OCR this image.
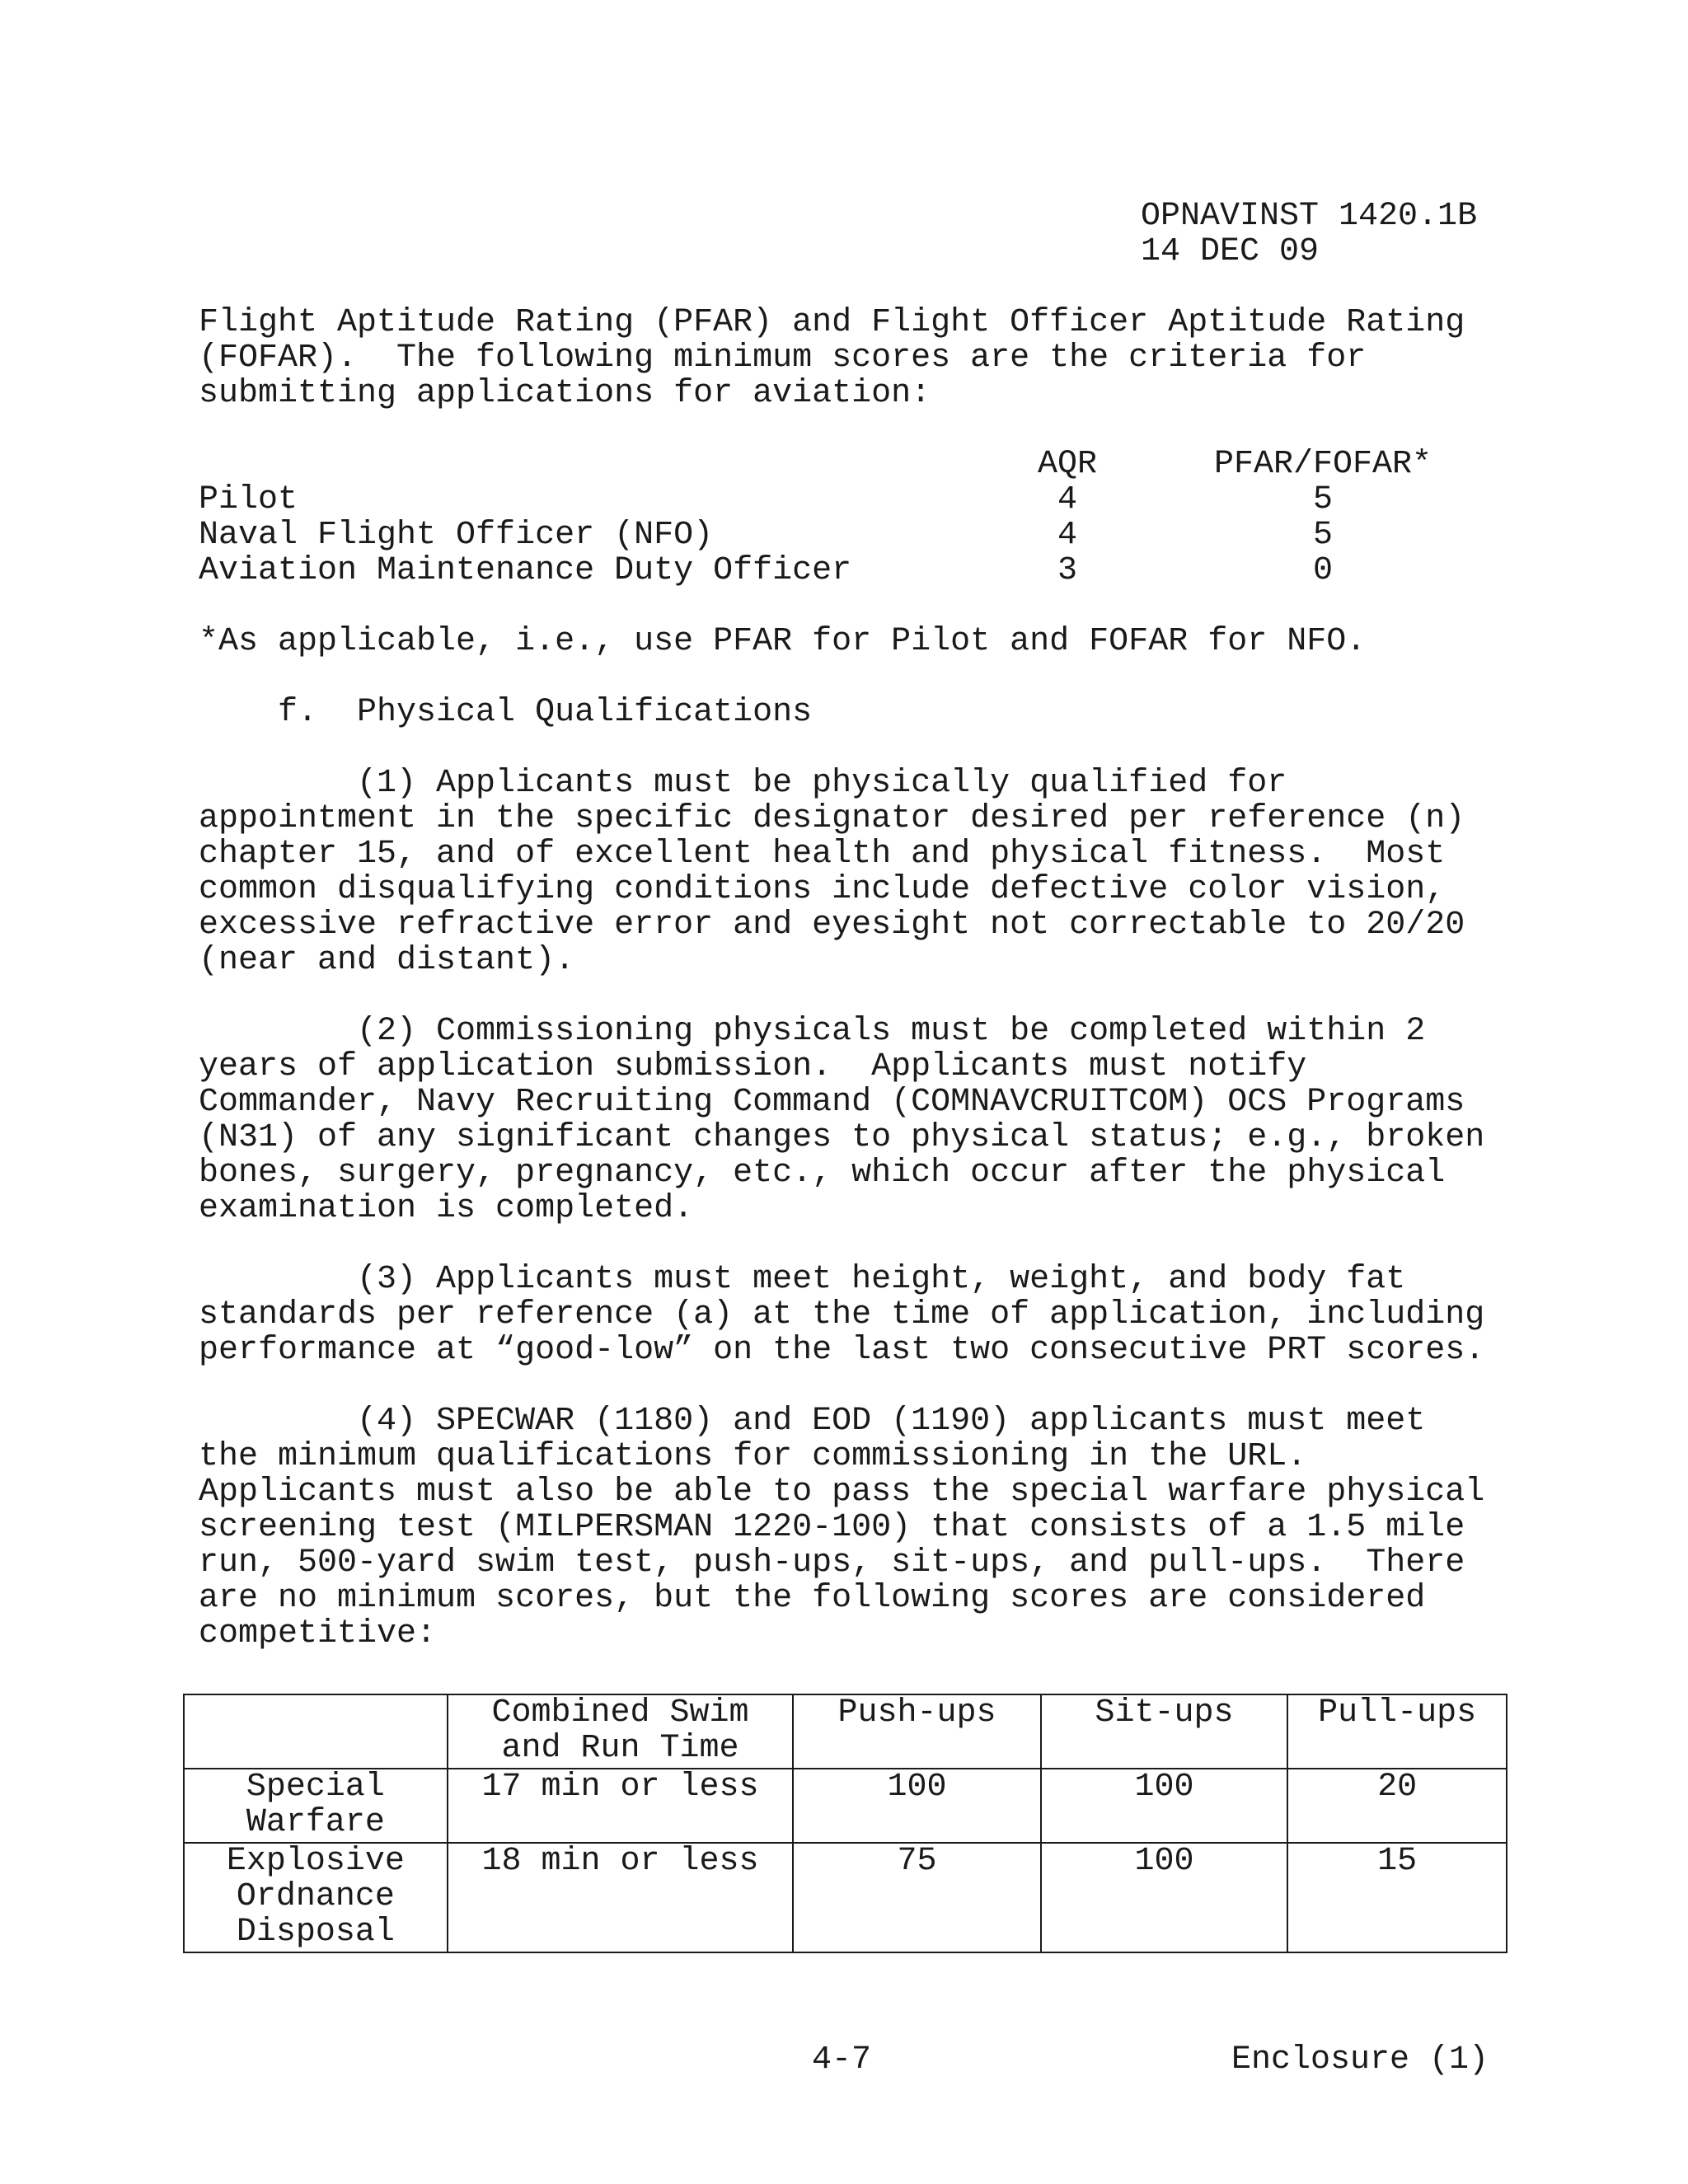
OPNAVINST 1420.1B
14 DEC 09
Flight Aptitude Rating (PFAR) and Flight Officer Aptitude Rating
(FOFAR).  The following minimum scores are the criteria for
submitting applications for aviation:
AQR	PFAR/FOFAR*
Pilot	4	5
Naval Flight Officer (NFO)	4	5
Aviation Maintenance Duty Officer	3	0
*As applicable, i.e., use PFAR for Pilot and FOFAR for NFO.
f.  Physical Qualifications
(1) Applicants must be physically qualified for
appointment in the specific designator desired per reference (n)
chapter 15, and of excellent health and physical fitness.  Most
common disqualifying conditions include defective color vision,
excessive refractive error and eyesight not correctable to 20/20
(near and distant).
(2) Commissioning physicals must be completed within 2
years of application submission.  Applicants must notify
Commander, Navy Recruiting Command (COMNAVCRUITCOM) OCS Programs
(N31) of any significant changes to physical status; e.g., broken
bones, surgery, pregnancy, etc., which occur after the physical
examination is completed.
(3) Applicants must meet height, weight, and body fat
standards per reference (a) at the time of application, including
performance at “good-low” on the last two consecutive PRT scores.
(4) SPECWAR (1180) and EOD (1190) applicants must meet
the minimum qualifications for commissioning in the URL.
Applicants must also be able to pass the special warfare physical
screening test (MILPERSMAN 1220-100) that consists of a 1.5 mile
run, 500-yard swim test, push-ups, sit-ups, and pull-ups.  There
are no minimum scores, but the following scores are considered
competitive:
	Combined Swim
and Run Time	Push-ups	Sit-ups	Pull-ups
Special
Warfare	17 min or less	100	100	20
Explosive
Ordnance
Disposal	18 min or less	75	100	15
4-7	Enclosure (1)
